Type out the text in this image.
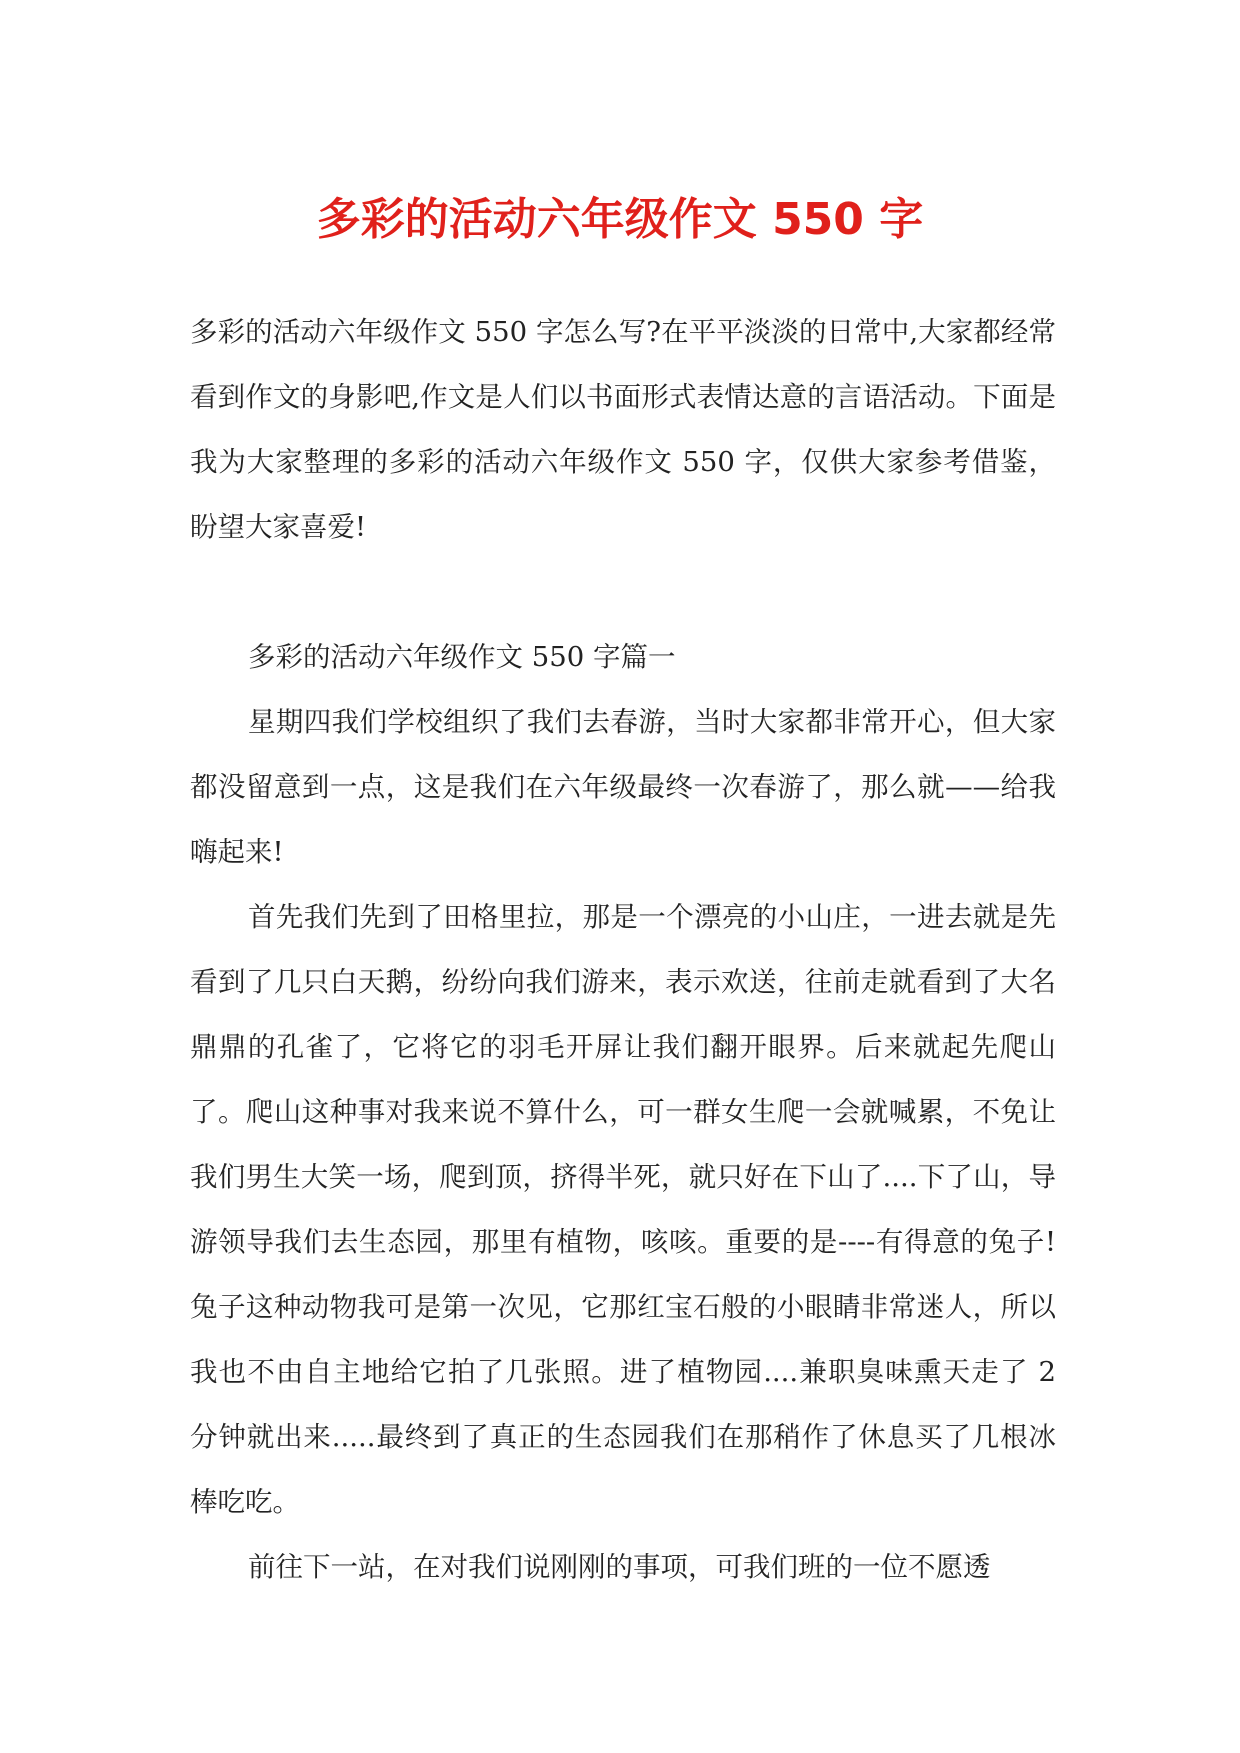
多彩的活动六年级作文 550 字

多彩的活动六年级作文 550 字怎么写?在平平淡淡的日常中,大家都经常看到作文的身影吧,作文是人们以书面形式表情达意的言语活动。下面是我为大家整理的多彩的活动六年级作文 550 字，仅供大家参考借鉴，盼望大家喜爱!

多彩的活动六年级作文 550 字篇一

星期四我们学校组织了我们去春游，当时大家都非常开心，但大家都没留意到一点，这是我们在六年级最终一次春游了，那么就——给我嗨起来!

首先我们先到了田格里拉，那是一个漂亮的小山庄，一进去就是先看到了几只白天鹅，纷纷向我们游来，表示欢送，往前走就看到了大名鼎鼎的孔雀了，它将它的羽毛开屏让我们翻开眼界。后来就起先爬山了。爬山这种事对我来说不算什么，可一群女生爬一会就喊累，不免让我们男生大笑一场，爬到顶，挤得半死，就只好在下山了....下了山，导游领导我们去生态园，那里有植物，咳咳。重要的是----有得意的兔子!兔子这种动物我可是第一次见，它那红宝石般的小眼睛非常迷人，所以我也不由自主地给它拍了几张照。进了植物园....兼职臭味熏天走了 2 分钟就出来.....最终到了真正的生态园我们在那稍作了休息买了几根冰棒吃吃。

前往下一站，在对我们说刚刚的事项，可我们班的一位不愿透
